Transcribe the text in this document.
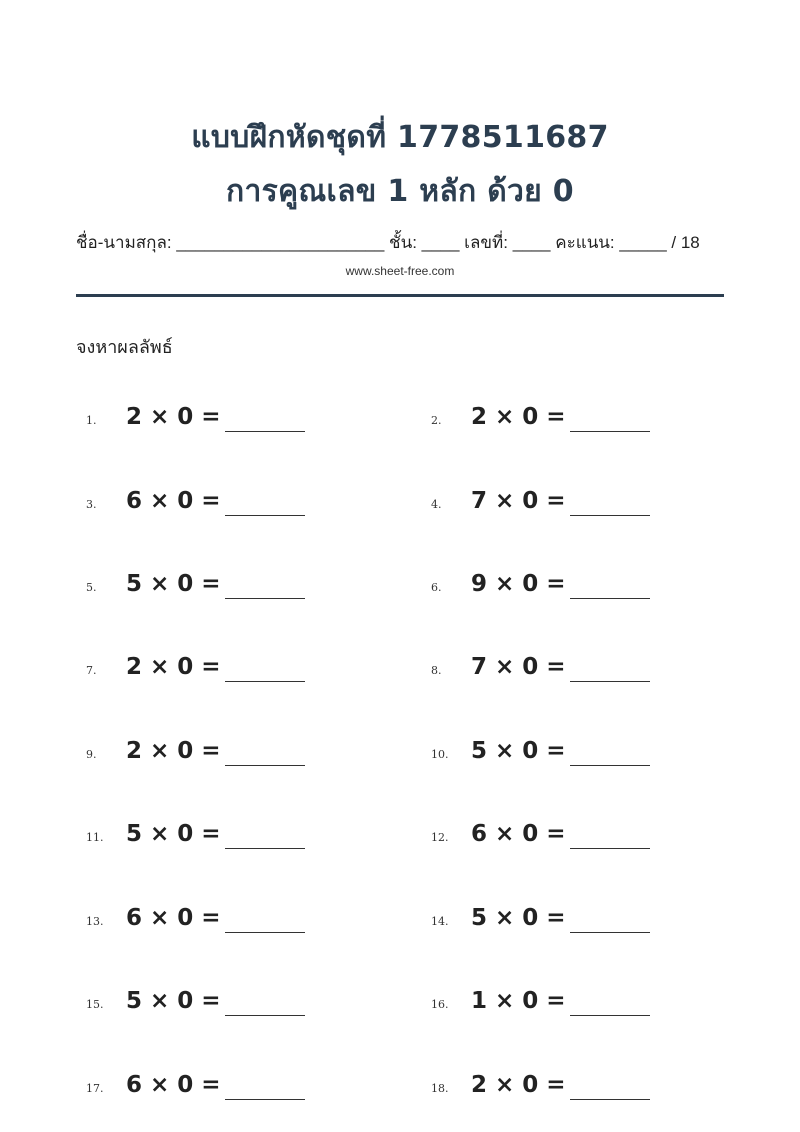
แบบฝึกหัดชุดที่ 1778511687
การคูณเลข 1 หลัก ด้วย 0
ชื่อ-นามสกุล: ______________________ ชั้น: ____ เลขที่: ____ คะแนน: _____ / 18
www.sheet-free.com
จงหาผลลัพธ์
1. 2 × 0 =	2. 2 × 0 =
3. 6 × 0 =	4. 7 × 0 =
5. 5 × 0 =	6. 9 × 0 =
7. 2 × 0 =	8. 7 × 0 =
9. 2 × 0 =	10. 5 × 0 =
11. 5 × 0 =	12. 6 × 0 =
13. 6 × 0 =	14. 5 × 0 =
15. 5 × 0 =	16. 1 × 0 =
17. 6 × 0 =	18. 2 × 0 =
